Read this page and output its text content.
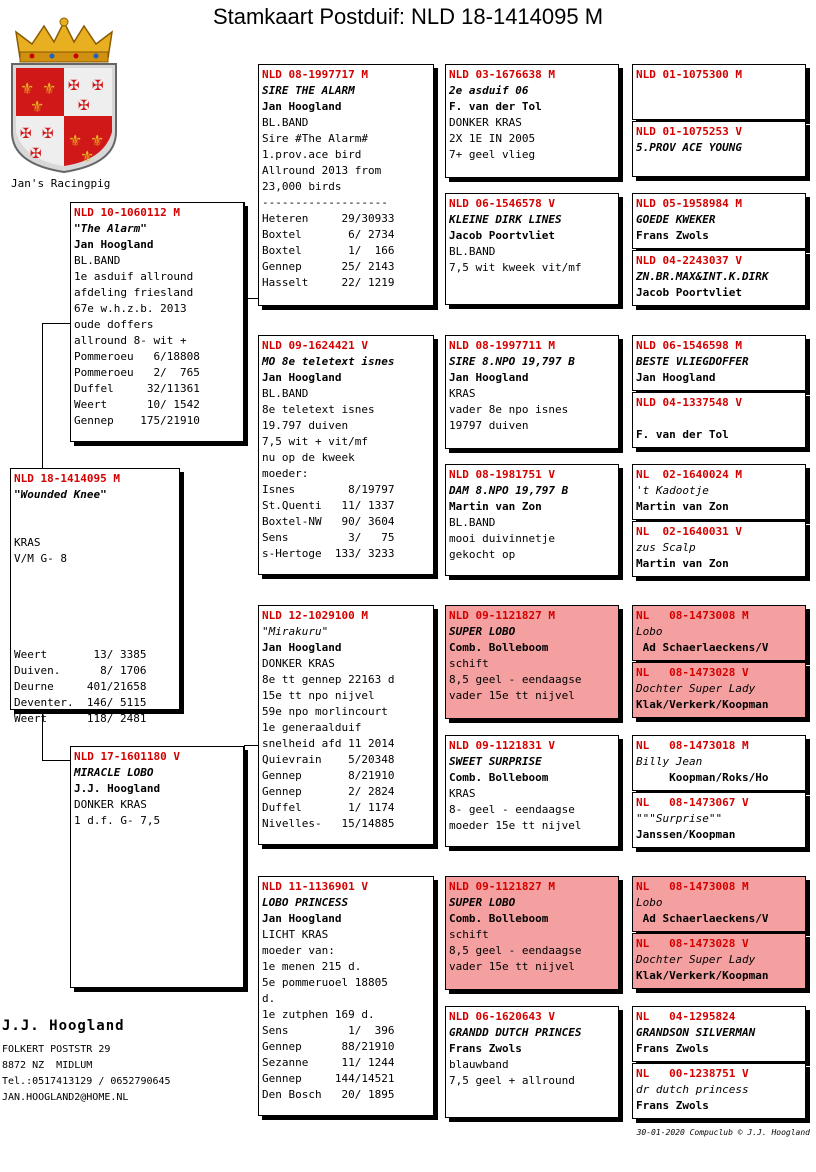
Stamkaart Postduif: NLD 18-1414095 M
⚜ ⚜
⚜
⚜ ⚜
⚜
✠ ✠
✠
✠ ✠
✠
Jan's Racingpig
NLD 18-1414095 M
"Wounded Knee"
KRAS
V/M G- 8
Weert       13/ 3385
Duiven.      8/ 1706
Deurne     401/21658
Deventer.  146/ 5115
Weert      118/ 2481
NLD 10-1060112 M
"The Alarm"
Jan Hoogland
BL.BAND
1e asduif allround
afdeling friesland
67e w.h.z.b. 2013
oude doffers
allround 8- wit +
Pommeroeu   6/18808
Pommeroeu   2/  765
Duffel     32/11361
Weert      10/ 1542
Gennep    175/21910
NLD 17-1601180 V
MIRACLE LOBO
J.J. Hoogland
DONKER KRAS
1 d.f. G- 7,5
NLD 08-1997717 M
SIRE THE ALARM
Jan Hoogland
BL.BAND
Sire #The Alarm#
1.prov.ace bird
Allround 2013 from
23,000 birds
-------------------
Heteren     29/30933
Boxtel       6/ 2734
Boxtel       1/  166
Gennep      25/ 2143
Hasselt     22/ 1219
NLD 09-1624421 V
MO 8e teletext isnes
Jan Hoogland
BL.BAND
8e teletext isnes
19.797 duiven
7,5 wit + vit/mf
nu op de kweek
moeder:
Isnes        8/19797
St.Quenti   11/ 1337
Boxtel-NW   90/ 3604
Sens         3/   75
s-Hertoge  133/ 3233
NLD 12-1029100 M
"Mirakuru"
Jan Hoogland
DONKER KRAS
8e tt gennep 22163 d
15e tt npo nijvel
59e npo morlincourt
1e generaalduif
snelheid afd 11 2014
Quievrain    5/20348
Gennep       8/21910
Gennep       2/ 2824
Duffel       1/ 1174
Nivelles-   15/14885
NLD 11-1136901 V
LOBO PRINCESS
Jan Hoogland
LICHT KRAS
moeder van:
1e menen 215 d.
5e pommeruoel 18805
d.
1e zutphen 169 d.
Sens         1/  396
Gennep      88/21910
Sezanne     11/ 1244
Gennep     144/14521
Den Bosch   20/ 1895
NLD 03-1676638 M
2e asduif 06
F. van der Tol
DONKER KRAS
2X 1E IN 2005
7+ geel vlieg
NLD 06-1546578 V
KLEINE DIRK LINES
Jacob Poortvliet
BL.BAND
7,5 wit kweek vit/mf
NLD 08-1997711 M
SIRE 8.NPO 19,797 B
Jan Hoogland
KRAS
vader 8e npo isnes
19797 duiven
NLD 08-1981751 V
DAM 8.NPO 19,797 B
Martin van Zon
BL.BAND
mooi duivinnetje
gekocht op
NLD 09-1121827 M
SUPER LOBO
Comb. Bolleboom
schift
8,5 geel - eendaagse
vader 15e tt nijvel
NLD 09-1121831 V
SWEET SURPRISE
Comb. Bolleboom
KRAS
8- geel - eendaagse
moeder 15e tt nijvel
NLD 09-1121827 M
SUPER LOBO
Comb. Bolleboom
schift
8,5 geel - eendaagse
vader 15e tt nijvel
NLD 06-1620643 V
GRANDD DUTCH PRINCES
Frans Zwols
blauwband
7,5 geel + allround
NLD 01-1075300 M
NLD 01-1075253 V
5.PROV ACE YOUNG
NLD 05-1958984 M
GOEDE KWEKER
Frans Zwols
NLD 04-2243037 V
ZN.BR.MAX&INT.K.DIRK
Jacob Poortvliet
NLD 06-1546598 M
BESTE VLIEGDOFFER
Jan Hoogland
NLD 04-1337548 V
F. van der Tol
NL  02-1640024 M
't Kadootje
Martin van Zon
NL  02-1640031 V
zus Scalp
Martin van Zon
NL   08-1473008 M
Lobo
Ad Schaerlaeckens/V
NL   08-1473028 V
Dochter Super Lady
Klak/Verkerk/Koopman
NL   08-1473018 M
Billy Jean
Koopman/Roks/Ho
NL   08-1473067 V
"""Surprise""
Janssen/Koopman
NL   08-1473008 M
Lobo
Ad Schaerlaeckens/V
NL   08-1473028 V
Dochter Super Lady
Klak/Verkerk/Koopman
NL   04-1295824
GRANDSON SILVERMAN
Frans Zwols
NL   00-1238751 V
dr dutch princess
Frans Zwols
J.J. Hoogland
FOLKERT POSTSTR 29
8872 NZ  MIDLUM
Tel.:0517413129 / 0652790645
JAN.HOOGLAND2@HOME.NL
30-01-2020 Compuclub © J.J. Hoogland
